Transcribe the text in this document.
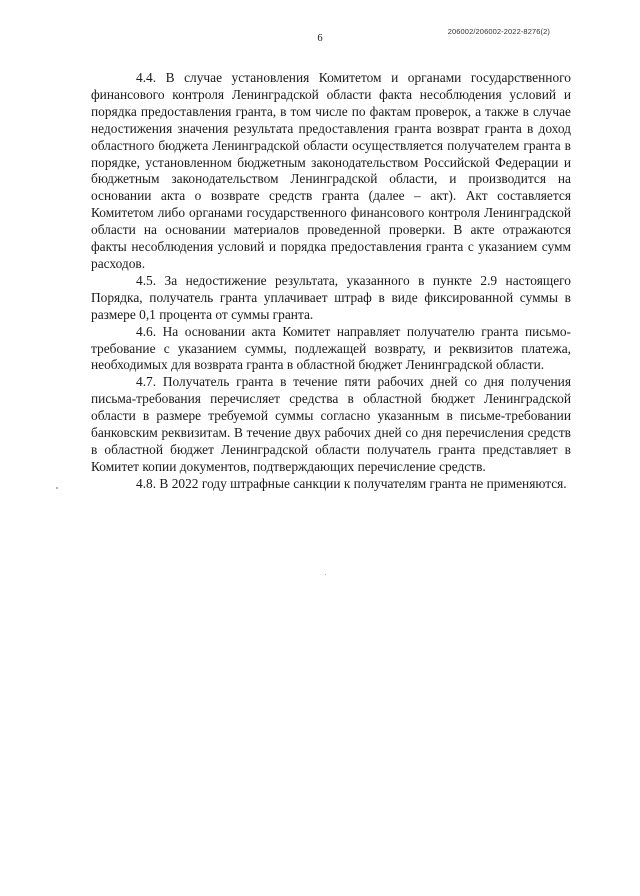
206002/206002-2022-8276(2)
6

4.4. В случае установления Комитетом и органами государственного финансового контроля Ленинградской области факта несоблюдения условий и порядка предоставления гранта, в том числе по фактам проверок, а также в случае недостижения значения результата предоставления гранта возврат гранта в доход областного бюджета Ленинградской области осуществляется получателем гранта в порядке, установленном бюджетным законодательством Российской Федерации и бюджетным законодательством Ленинградской области, и производится на основании акта о возврате средств гранта (далее – акт). Акт составляется Комитетом либо органами государственного финансового контроля Ленинградской области на основании материалов проведенной проверки. В акте отражаются факты несоблюдения условий и порядка предоставления гранта с указанием сумм расходов.

4.5. За недостижение результата, указанного в пункте 2.9 настоящего Порядка, получатель гранта уплачивает штраф в виде фиксированной суммы в размере 0,1 процента от суммы гранта.

4.6. На основании акта Комитет направляет получателю гранта письмо-требование с указанием суммы, подлежащей возврату, и реквизитов платежа, необходимых для возврата гранта в областной бюджет Ленинградской области.

4.7. Получатель гранта в течение пяти рабочих дней со дня получения письма-требования перечисляет средства в областной бюджет Ленинградской области в размере требуемой суммы согласно указанным в письме-требовании банковским реквизитам. В течение двух рабочих дней со дня перечисления средств в областной бюджет Ленинградской области получатель гранта представляет в Комитет копии документов, подтверждающих перечисление средств.

4.8. В 2022 году штрафные санкции к получателям гранта не применяются.
